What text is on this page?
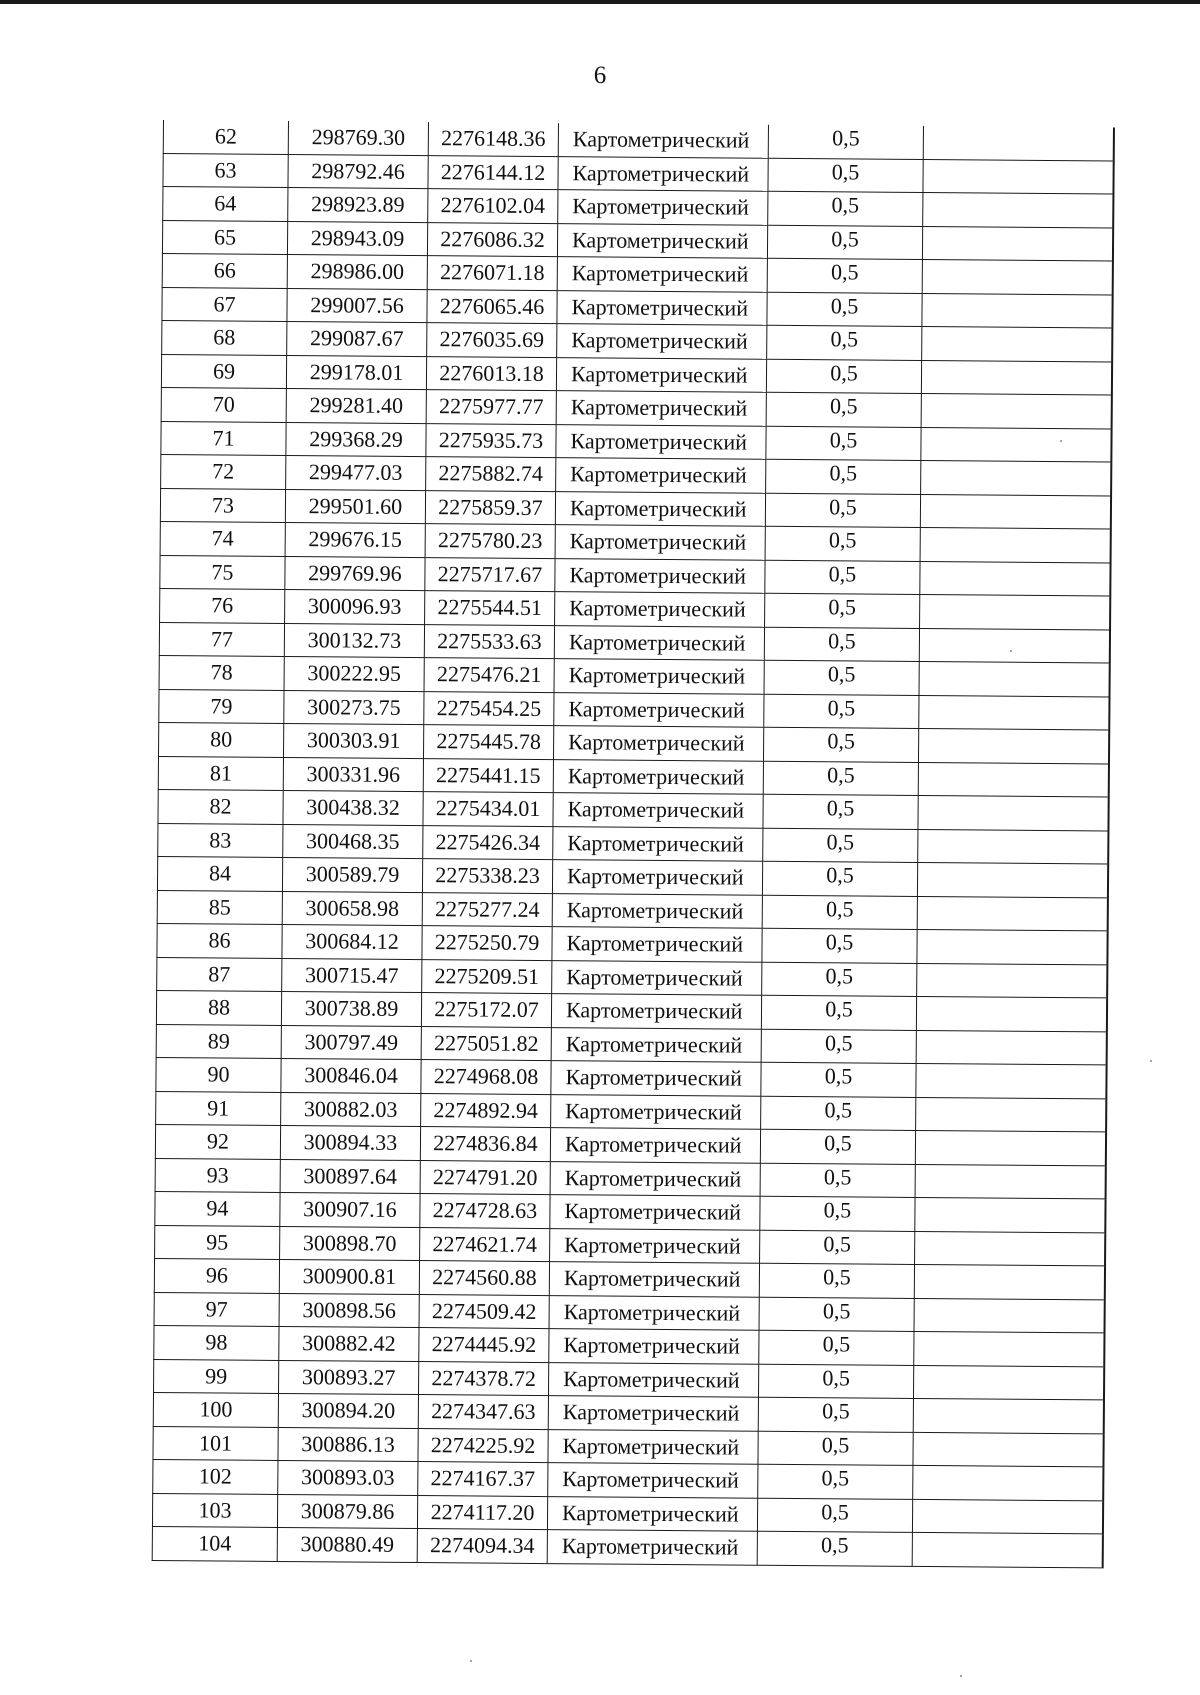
6
62	298769.30	2276148.36	Картометрический	0,5	
63	298792.46	2276144.12	Картометрический	0,5	
64	298923.89	2276102.04	Картометрический	0,5	
65	298943.09	2276086.32	Картометрический	0,5	
66	298986.00	2276071.18	Картометрический	0,5	
67	299007.56	2276065.46	Картометрический	0,5	
68	299087.67	2276035.69	Картометрический	0,5	
69	299178.01	2276013.18	Картометрический	0,5	
70	299281.40	2275977.77	Картометрический	0,5	
71	299368.29	2275935.73	Картометрический	0,5	
72	299477.03	2275882.74	Картометрический	0,5	
73	299501.60	2275859.37	Картометрический	0,5	
74	299676.15	2275780.23	Картометрический	0,5	
75	299769.96	2275717.67	Картометрический	0,5	
76	300096.93	2275544.51	Картометрический	0,5	
77	300132.73	2275533.63	Картометрический	0,5	
78	300222.95	2275476.21	Картометрический	0,5	
79	300273.75	2275454.25	Картометрический	0,5	
80	300303.91	2275445.78	Картометрический	0,5	
81	300331.96	2275441.15	Картометрический	0,5	
82	300438.32	2275434.01	Картометрический	0,5	
83	300468.35	2275426.34	Картометрический	0,5	
84	300589.79	2275338.23	Картометрический	0,5	
85	300658.98	2275277.24	Картометрический	0,5	
86	300684.12	2275250.79	Картометрический	0,5	
87	300715.47	2275209.51	Картометрический	0,5	
88	300738.89	2275172.07	Картометрический	0,5	
89	300797.49	2275051.82	Картометрический	0,5	
90	300846.04	2274968.08	Картометрический	0,5	
91	300882.03	2274892.94	Картометрический	0,5	
92	300894.33	2274836.84	Картометрический	0,5	
93	300897.64	2274791.20	Картометрический	0,5	
94	300907.16	2274728.63	Картометрический	0,5	
95	300898.70	2274621.74	Картометрический	0,5	
96	300900.81	2274560.88	Картометрический	0,5	
97	300898.56	2274509.42	Картометрический	0,5	
98	300882.42	2274445.92	Картометрический	0,5	
99	300893.27	2274378.72	Картометрический	0,5	
100	300894.20	2274347.63	Картометрический	0,5	
101	300886.13	2274225.92	Картометрический	0,5	
102	300893.03	2274167.37	Картометрический	0,5	
103	300879.86	2274117.20	Картометрический	0,5	
104	300880.49	2274094.34	Картометрический	0,5	
